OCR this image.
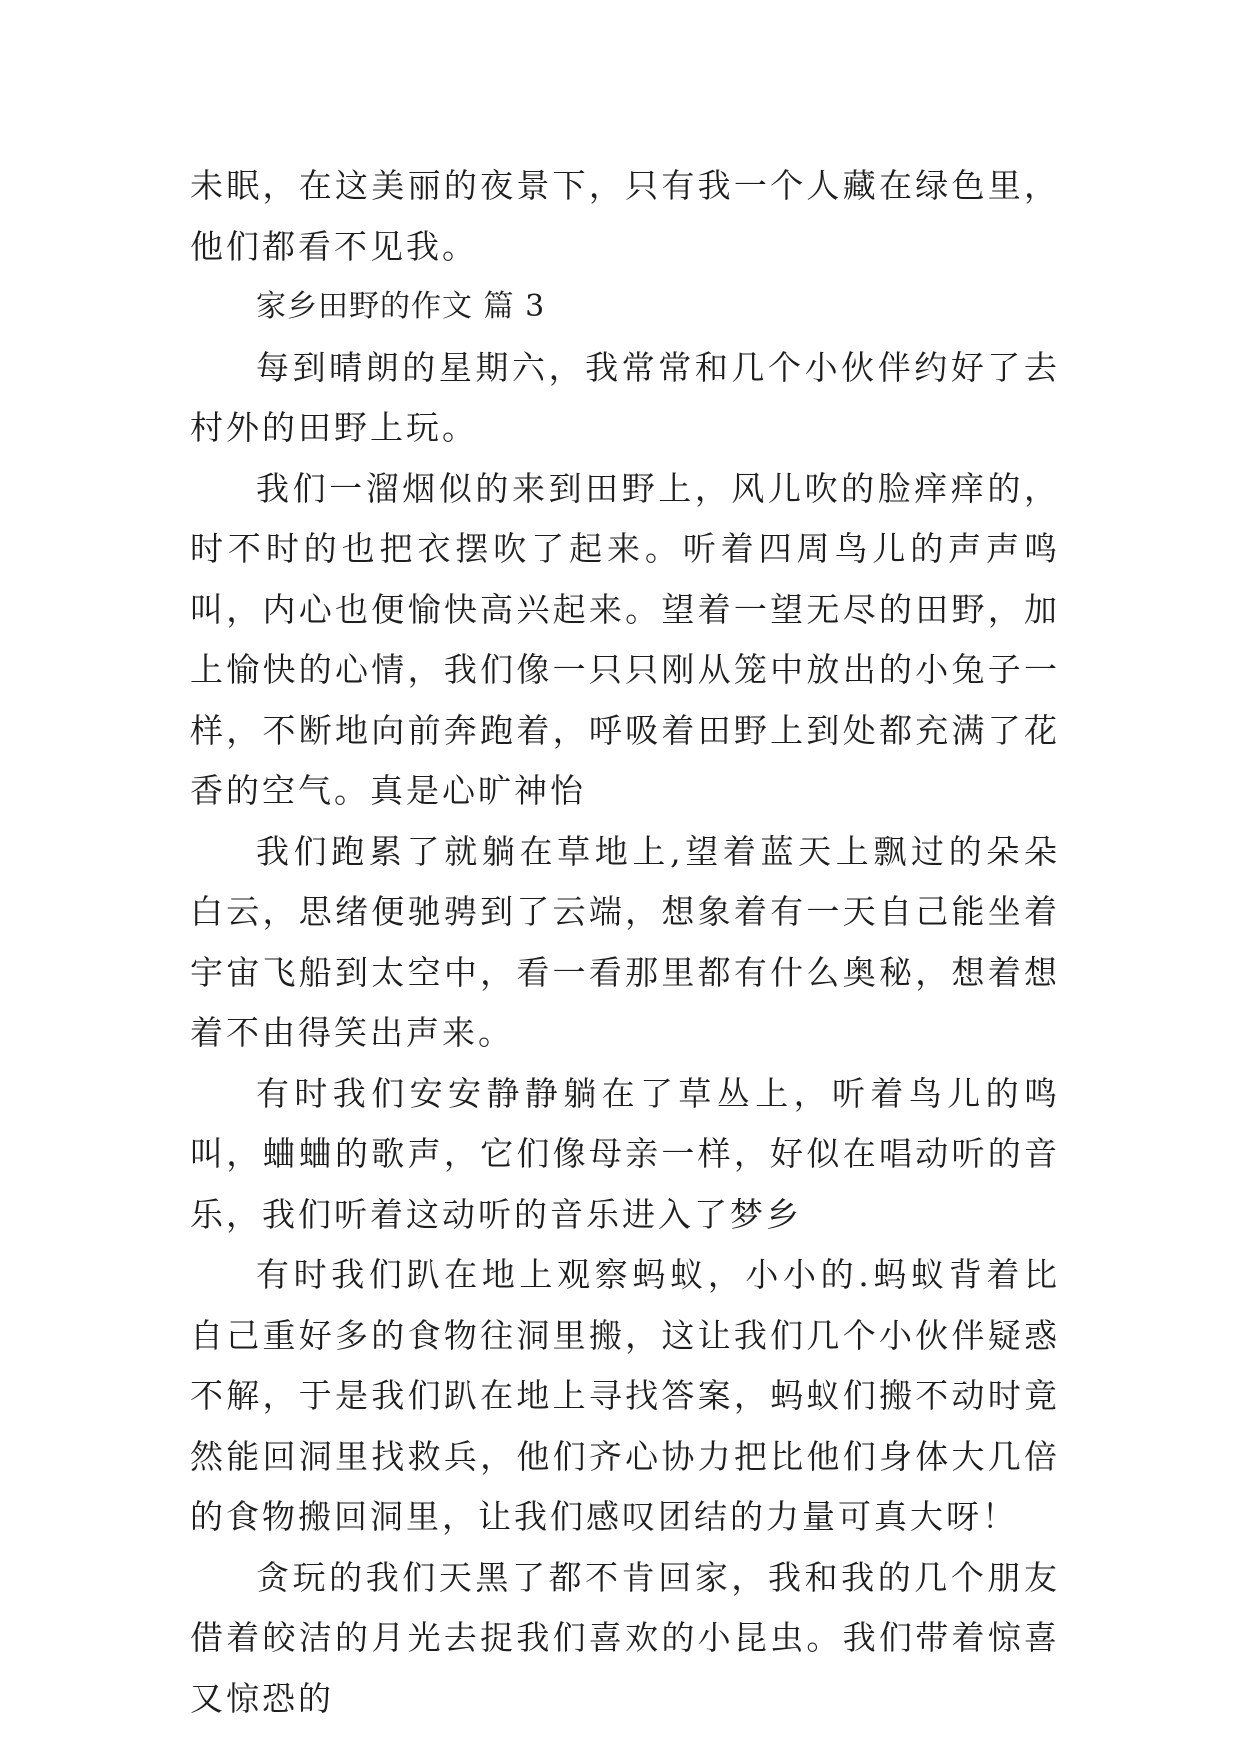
未眠，在这美丽的夜景下，只有我一个人藏在绿色里，他们都看不见我。

家乡田野的作文 篇 3

每到晴朗的星期六，我常常和几个小伙伴约好了去村外的田野上玩。

我们一溜烟似的来到田野上，风儿吹的脸痒痒的，时不时的也把衣摆吹了起来。听着四周鸟儿的声声鸣叫，内心也便愉快高兴起来。望着一望无尽的田野，加上愉快的心情，我们像一只只刚从笼中放出的小兔子一样，不断地向前奔跑着，呼吸着田野上到处都充满了花香的空气。真是心旷神怡

我们跑累了就躺在草地上,望着蓝天上飘过的朵朵白云，思绪便驰骋到了云端，想象着有一天自己能坐着宇宙飞船到太空中，看一看那里都有什么奥秘，想着想着不由得笑出声来。

有时我们安安静静躺在了草丛上，听着鸟儿的鸣叫，蛐蛐的歌声，它们像母亲一样，好似在唱动听的音乐，我们听着这动听的音乐进入了梦乡

有时我们趴在地上观察蚂蚁，小小的.蚂蚁背着比自己重好多的食物往洞里搬，这让我们几个小伙伴疑惑不解，于是我们趴在地上寻找答案，蚂蚁们搬不动时竟然能回洞里找救兵，他们齐心协力把比他们身体大几倍的食物搬回洞里，让我们感叹团结的力量可真大呀！

贪玩的我们天黑了都不肯回家，我和我的几个朋友借着皎洁的月光去捉我们喜欢的小昆虫。我们带着惊喜又惊恐的
